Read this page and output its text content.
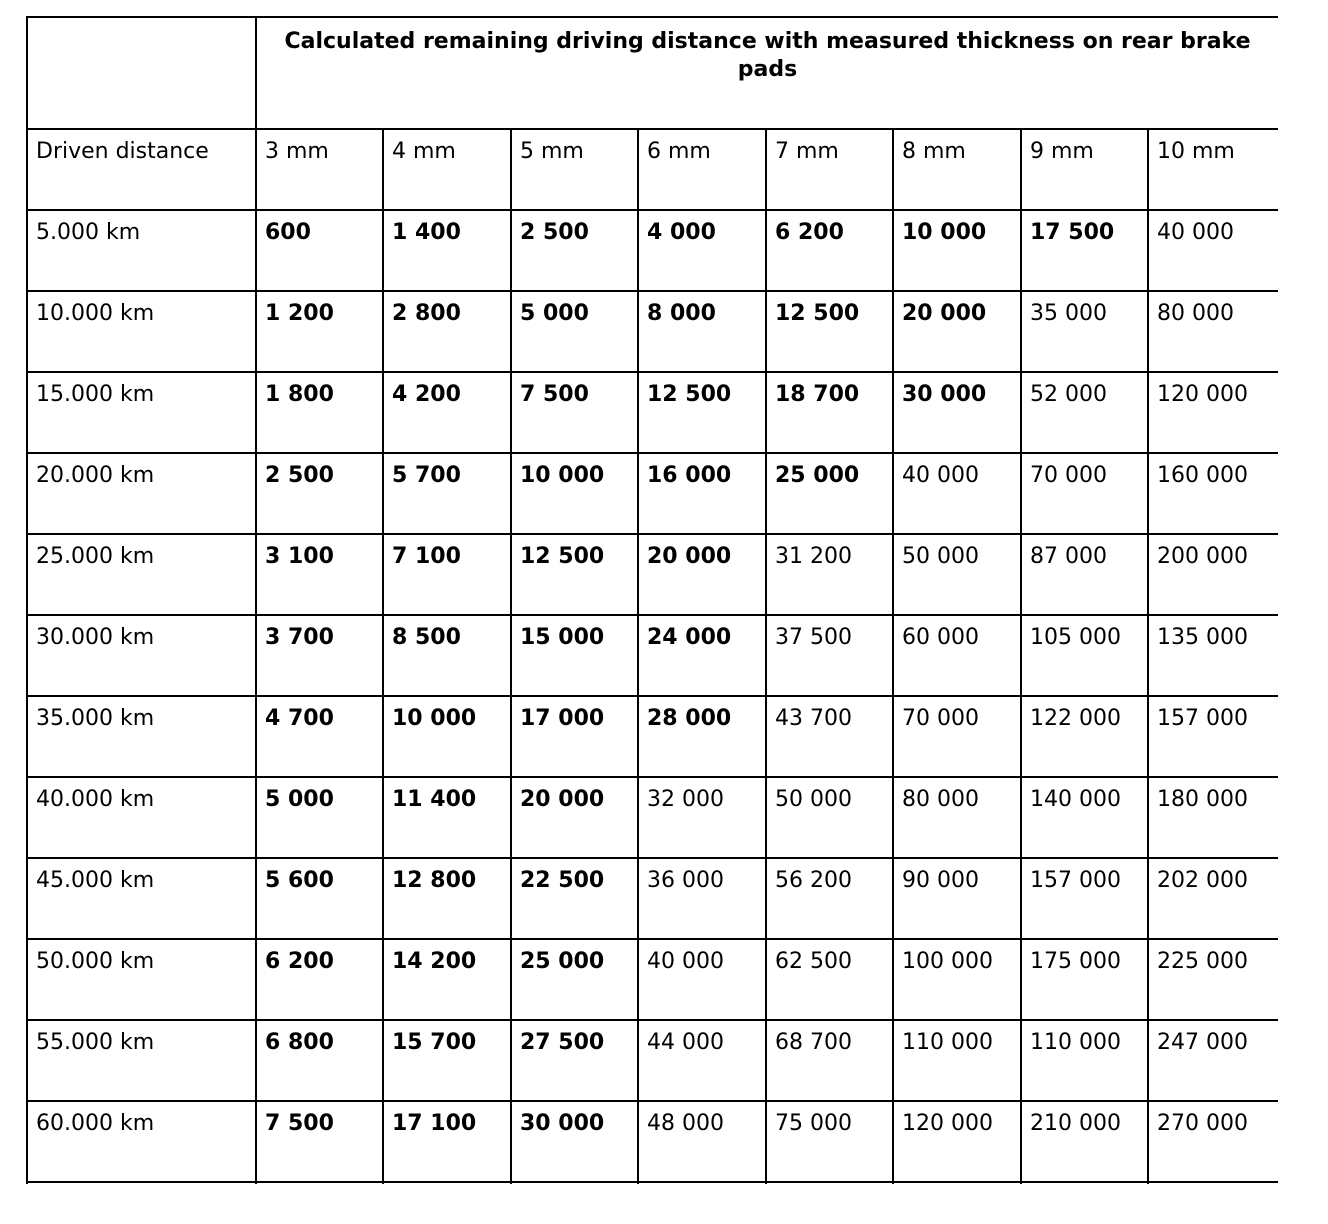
	Calculated remaining driving distance with measured thickness on rear brake pads							
Driven distance	3 mm	4 mm	5 mm	6 mm	7 mm	8 mm	9 mm	10 mm
5.000 km	600	1 400	2 500	4 000	6 200	10 000	17 500	40 000
10.000 km	1 200	2 800	5 000	8 000	12 500	20 000	35 000	80 000
15.000 km	1 800	4 200	7 500	12 500	18 700	30 000	52 000	120 000
20.000 km	2 500	5 700	10 000	16 000	25 000	40 000	70 000	160 000
25.000 km	3 100	7 100	12 500	20 000	31 200	50 000	87 000	200 000
30.000 km	3 700	8 500	15 000	24 000	37 500	60 000	105 000	135 000
35.000 km	4 700	10 000	17 000	28 000	43 700	70 000	122 000	157 000
40.000 km	5 000	11 400	20 000	32 000	50 000	80 000	140 000	180 000
45.000 km	5 600	12 800	22 500	36 000	56 200	90 000	157 000	202 000
50.000 km	6 200	14 200	25 000	40 000	62 500	100 000	175 000	225 000
55.000 km	6 800	15 700	27 500	44 000	68 700	110 000	110 000	247 000
60.000 km	7 500	17 100	30 000	48 000	75 000	120 000	210 000	270 000
